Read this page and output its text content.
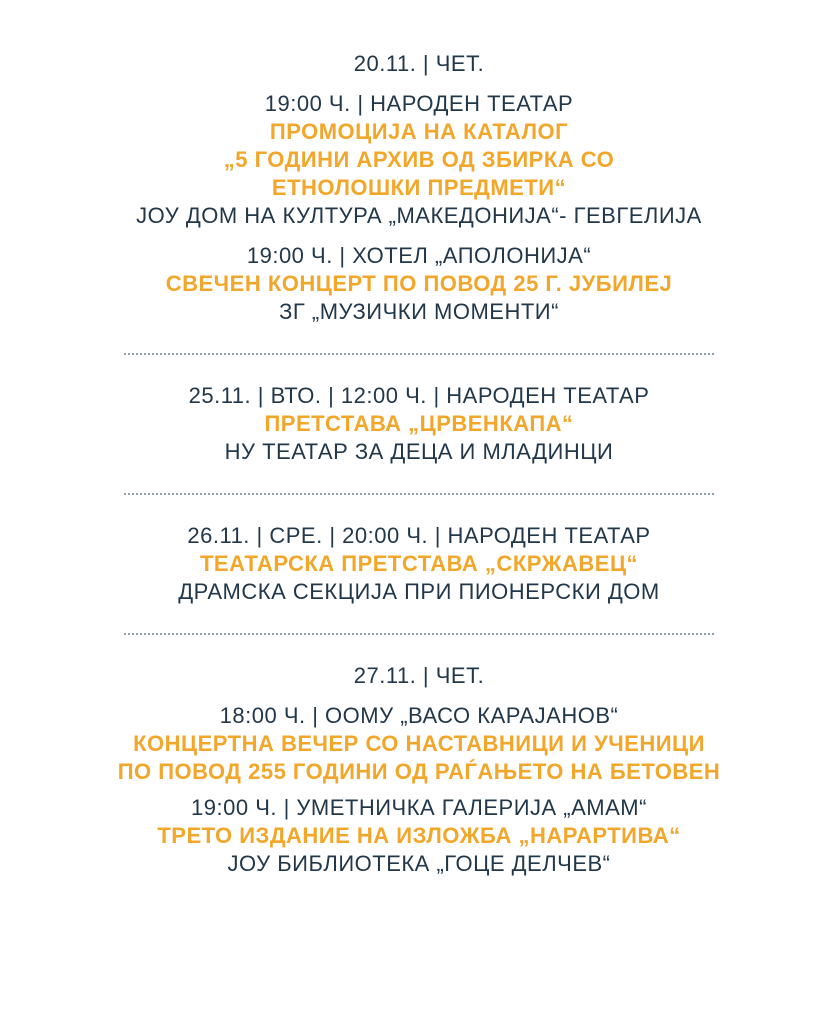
20.11. | ЧЕТ.
19:00 Ч. | НАРОДЕН ТЕАТАР
ПРОМОЦИЈА НА КАТАЛОГ
„5 ГОДИНИ АРХИВ ОД ЗБИРКА СО
ЕТНОЛОШКИ ПРЕДМЕТИ“
ЈОУ ДОМ НА КУЛТУРА „МАКЕДОНИЈА“- ГЕВГЕЛИЈА
19:00 Ч. | ХОТЕЛ „АПОЛОНИЈА“
СВЕЧЕН КОНЦЕРТ ПО ПОВОД 25 Г. ЈУБИЛЕЈ
ЗГ „МУЗИЧКИ МОМЕНТИ“
25.11. | ВТО. | 12:00 Ч. | НАРОДЕН ТЕАТАР
ПРЕТСТАВА „ЦРВЕНКАПА“
НУ ТЕАТАР ЗА ДЕЦА И МЛАДИНЦИ
26.11. | СРЕ. | 20:00 Ч. | НАРОДЕН ТЕАТАР
ТЕАТАРСКА ПРЕТСТАВА „СКРЖАВЕЦ“
ДРАМСКА СЕКЦИЈА ПРИ ПИОНЕРСКИ ДОМ
27.11. | ЧЕТ.
18:00 Ч. | ООМУ „ВАСО КАРАЈАНОВ“
КОНЦЕРТНА ВЕЧЕР СО НАСТАВНИЦИ И УЧЕНИЦИ
ПО ПОВОД 255 ГОДИНИ ОД РАЃАЊЕТО НА БЕТОВЕН
19:00 Ч. | УМЕТНИЧКА ГАЛЕРИЈА „АМАМ“
ТРЕТО ИЗДАНИЕ НА ИЗЛОЖБА „НАРАРТИВА“
ЈОУ БИБЛИОТЕКА „ГОЦЕ ДЕЛЧЕВ“
